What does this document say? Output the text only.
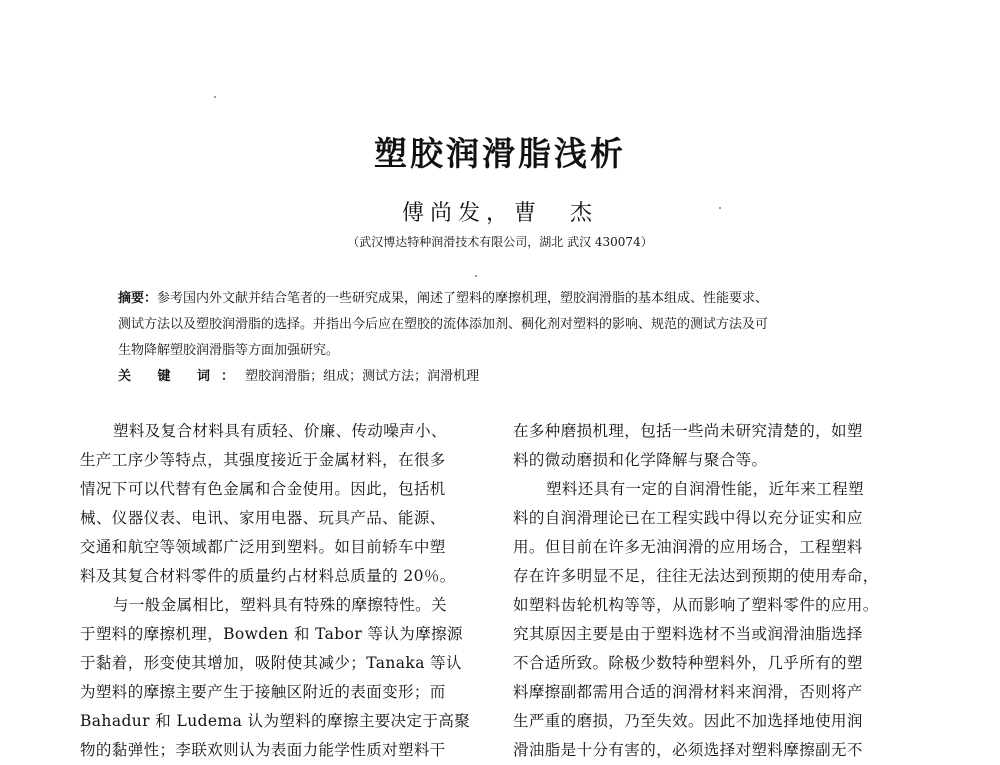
塑胶润滑脂浅析
傅尚发，曹　杰
（武汉博达特种润滑技术有限公司，湖北 武汉 430074）
摘要：参考国内外文献并结合笔者的一些研究成果，阐述了塑料的摩擦机理，塑胶润滑脂的基本组成、性能要求、
测试方法以及塑胶润滑脂的选择。并指出今后应在塑胶的流体添加剂、稠化剂对塑料的影响、规范的测试方法及可
生物降解塑胶润滑脂等方面加强研究。
关 键 词：塑胶润滑脂；组成；测试方法；润滑机理
塑料及复合材料具有质轻、价廉、传动噪声小、
生产工序少等特点，其强度接近于金属材料，在很多
情况下可以代替有色金属和合金使用。因此，包括机
械、仪器仪表、电讯、家用电器、玩具产品、能源、
交通和航空等领域都广泛用到塑料。如目前轿车中塑
料及其复合材料零件的质量约占材料总质量的 20％。
与一般金属相比，塑料具有特殊的摩擦特性。关
于塑料的摩擦机理，Bowden 和 Tabor 等认为摩擦源
于黏着，形变使其增加，吸附使其减少；Tanaka 等认
为塑料的摩擦主要产生于接触区附近的表面变形；而
Bahadur 和 Ludema 认为塑料的摩擦主要决定于高聚
物的黏弹性；李联欢则认为表面力能学性质对塑料干
在多种磨损机理，包括一些尚未研究清楚的，如塑
料的微动磨损和化学降解与聚合等。
塑料还具有一定的自润滑性能，近年来工程塑
料的自润滑理论已在工程实践中得以充分证实和应
用。但目前在许多无油润滑的应用场合，工程塑料
存在许多明显不足，往往无法达到预期的使用寿命，
如塑料齿轮机构等等，从而影响了塑料零件的应用。
究其原因主要是由于塑料选材不当或润滑油脂选择
不合适所致。除极少数特种塑料外，几乎所有的塑
料摩擦副都需用合适的润滑材料来润滑，否则将产
生严重的磨损，乃至失效。因此不加选择地使用润
滑油脂是十分有害的，必须选择对塑料摩擦副无不
